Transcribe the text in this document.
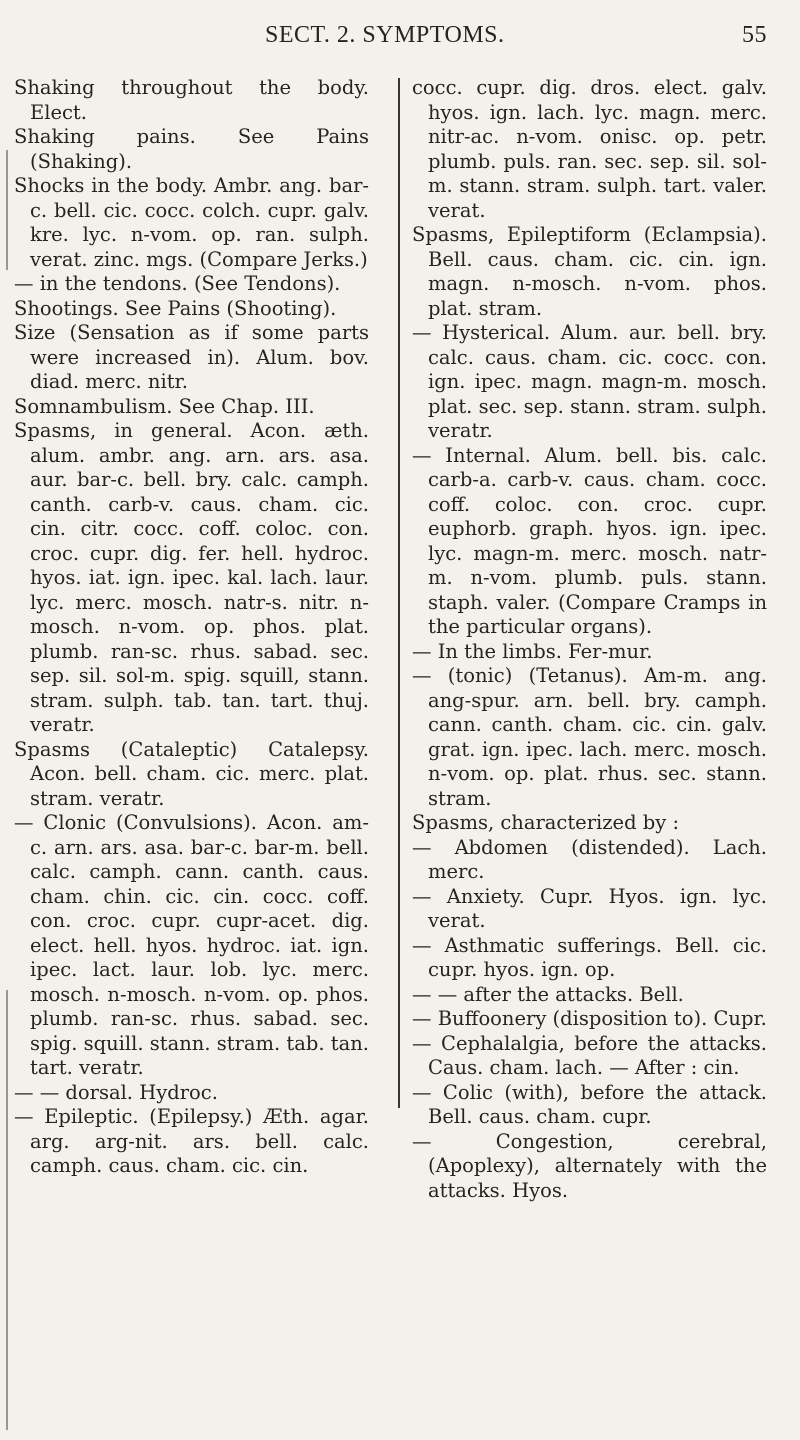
SECT. 2. SYMPTOMS.	55

Shaking throughout the body. Elect.

Shaking pains. See Pains (Shaking).

Shocks in the body. Ambr. ang. bar-c. bell. cic. cocc. colch. cupr. galv. kre. lyc. n-vom. op. ran. sulph. verat. zinc. mgs. (Compare Jerks.)

— in the tendons. (See Tendons).

Shootings. See Pains (Shooting).

Size (Sensation as if some parts were increased in). Alum. bov. diad. merc. nitr.

Somnambulism. See Chap. III.

Spasms, in general. Acon. æth. alum. ambr. ang. arn. ars. asa. aur. bar-c. bell. bry. calc. camph. canth. carb-v. caus. cham. cic. cin. citr. cocc. coff. coloc. con. croc. cupr. dig. fer. hell. hydroc. hyos. iat. ign. ipec. kal. lach. laur. lyc. merc. mosch. natr-s. nitr. n-mosch. n-vom. op. phos. plat. plumb. ran-sc. rhus. sabad. sec. sep. sil. sol-m. spig. squill, stann. stram. sulph. tab. tan. tart. thuj. veratr.

Spasms (Cataleptic) Catalepsy. Acon. bell. cham. cic. merc. plat. stram. veratr.

— Clonic (Convulsions). Acon. am-c. arn. ars. asa. bar-c. bar-m. bell. calc. camph. cann. canth. caus. cham. chin. cic. cin. cocc. coff. con. croc. cupr. cupr-acet. dig. elect. hell. hyos. hydroc. iat. ign. ipec. lact. laur. lob. lyc. merc. mosch. n-mosch. n-vom. op. phos. plumb. ran-sc. rhus. sabad. sec. spig. squill. stann. stram. tab. tan. tart. veratr.

— — dorsal. Hydroc.

— Epileptic. (Epilepsy.) Æth. agar. arg. arg-nit. ars. bell. calc. camph. caus. cham. cic. cin.

cocc. cupr. dig. dros. elect. galv. hyos. ign. lach. lyc. magn. merc. nitr-ac. n-vom. onisc. op. petr. plumb. puls. ran. sec. sep. sil. sol-m. stann. stram. sulph. tart. valer. verat.

Spasms, Epileptiform (Eclampsia). Bell. caus. cham. cic. cin. ign. magn. n-mosch. n-vom. phos. plat. stram.

— Hysterical. Alum. aur. bell. bry. calc. caus. cham. cic. cocc. con. ign. ipec. magn. magn-m. mosch. plat. sec. sep. stann. stram. sulph. veratr.

— Internal. Alum. bell. bis. calc. carb-a. carb-v. caus. cham. cocc. coff. coloc. con. croc. cupr. euphorb. graph. hyos. ign. ipec. lyc. magn-m. merc. mosch. natr-m. n-vom. plumb. puls. stann. staph. valer. (Compare Cramps in the particular organs).

— In the limbs. Fer-mur.

— (tonic) (Tetanus). Am-m. ang. ang-spur. arn. bell. bry. camph. cann. canth. cham. cic. cin. galv. grat. ign. ipec. lach. merc. mosch. n-vom. op. plat. rhus. sec. stann. stram.

Spasms, characterized by :

— Abdomen (distended). Lach. merc.

— Anxiety. Cupr. Hyos. ign. lyc. verat.

— Asthmatic sufferings. Bell. cic. cupr. hyos. ign. op.

— — after the attacks. Bell.

— Buffoonery (disposition to). Cupr.

— Cephalalgia, before the attacks. Caus. cham. lach. — After : cin.

— Colic (with), before the attack. Bell. caus. cham. cupr.

— Congestion, cerebral, (Apoplexy), alternately with the attacks. Hyos.
